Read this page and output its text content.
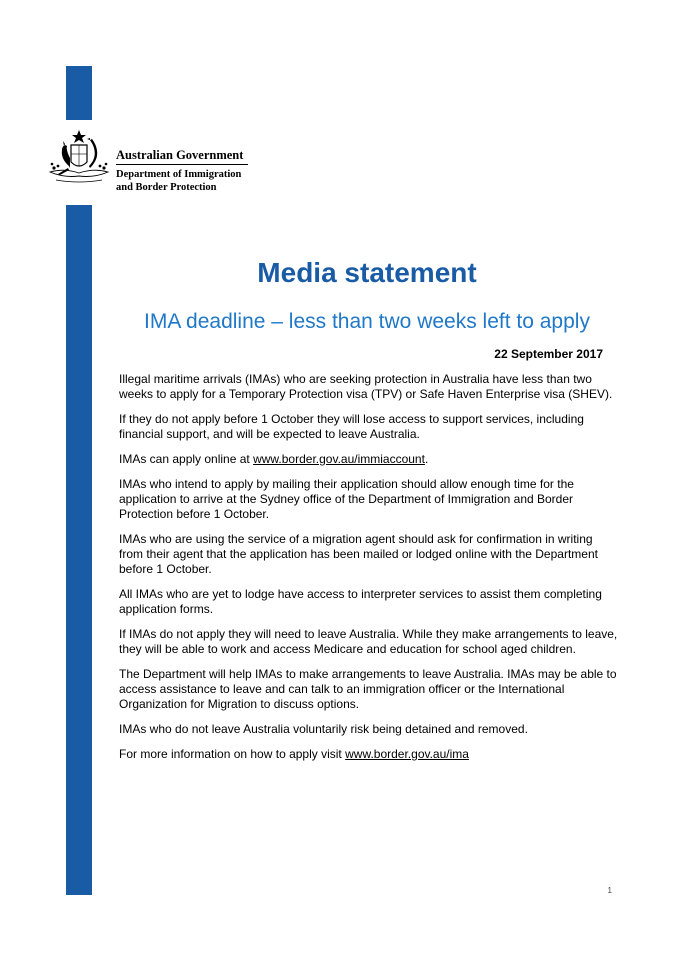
Australian Government
Department of Immigration
and Border Protection
Media statement
IMA deadline – less than two weeks left to apply
22 September 2017

Illegal maritime arrivals (IMAs) who are seeking protection in Australia have less than two weeks to apply for a Temporary Protection visa (TPV) or Safe Haven Enterprise visa (SHEV).

If they do not apply before 1 October they will lose access to support services, including financial support, and will be expected to leave Australia.

IMAs can apply online at www.border.gov.au/immiaccount.

IMAs who intend to apply by mailing their application should allow enough time for the application to arrive at the Sydney office of the Department of Immigration and Border Protection before 1 October.

IMAs who are using the service of a migration agent should ask for confirmation in writing from their agent that the application has been mailed or lodged online with the Department before 1 October.

All IMAs who are yet to lodge have access to interpreter services to assist them completing application forms.

If IMAs do not apply they will need to leave Australia. While they make arrangements to leave, they will be able to work and access Medicare and education for school aged children.

The Department will help IMAs to make arrangements to leave Australia. IMAs may be able to access assistance to leave and can talk to an immigration officer or the International Organization for Migration to discuss options.

IMAs who do not leave Australia voluntarily risk being detained and removed.

For more information on how to apply visit www.border.gov.au/ima

1
